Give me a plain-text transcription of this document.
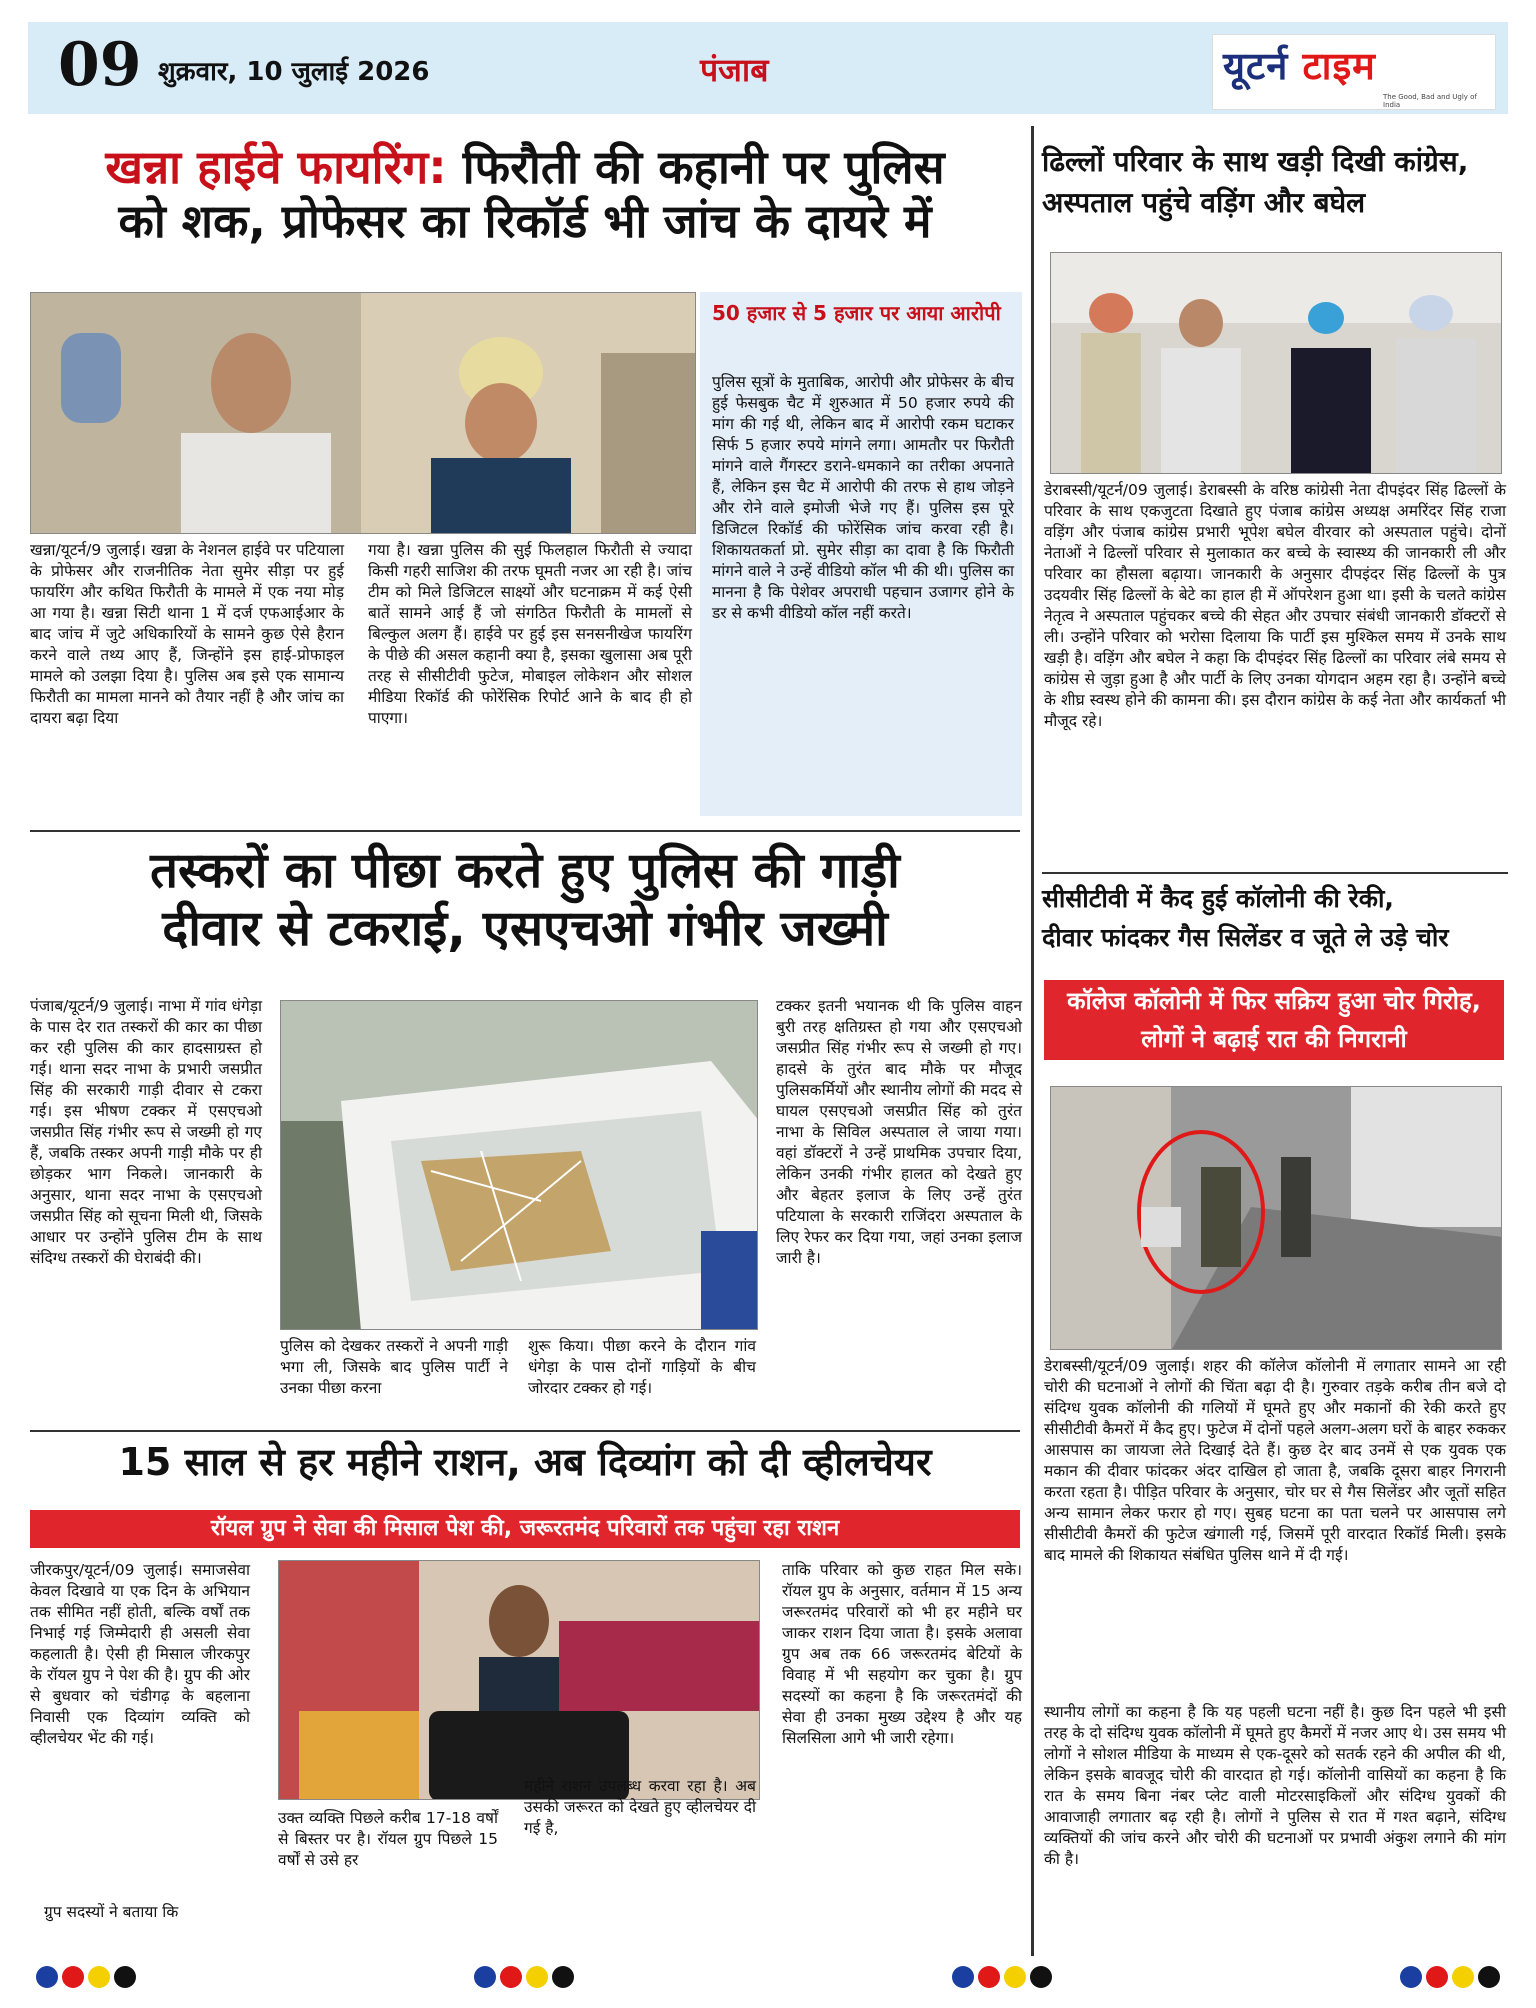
09 शुक्रवार, 10 जुलाई 2026	पंजाब	यूटर्न टाइम
The Good, Bad and Ugly of India
खन्ना हाईवे फायरिंग: फिरौती की कहानी पर पुलिस
को शक, प्रोफेसर का रिकॉर्ड भी जांच के दायरे में
खन्ना/यूटर्न/9 जुलाई। खन्ना के नेशनल हाईवे पर पटियाला के प्रोफेसर और राजनीतिक नेता सुमेर सीड़ा पर हुई फायरिंग और कथित फिरौती के मामले में एक नया मोड़ आ गया है। खन्ना सिटी थाना 1 में दर्ज एफआईआर के बाद जांच में जुटे अधिकारियों के सामने कुछ ऐसे हैरान करने वाले तथ्य आए हैं, जिन्होंने इस हाई-प्रोफाइल मामले को उलझा दिया है। पुलिस अब इसे एक सामान्य फिरौती का मामला मानने को तैयार नहीं है और जांच का दायरा बढ़ा दिया
गया है। खन्ना पुलिस की सुई फिलहाल फिरौती से ज्यादा किसी गहरी साजिश की तरफ घूमती नजर आ रही है। जांच टीम को मिले डिजिटल साक्ष्यों और घटनाक्रम में कई ऐसी बातें सामने आई हैं जो संगठित फिरौती के मामलों से बिल्कुल अलग हैं। हाईवे पर हुई इस सनसनीखेज फायरिंग के पीछे की असल कहानी क्या है, इसका खुलासा अब पूरी तरह से सीसीटीवी फुटेज, मोबाइल लोकेशन और सोशल मीडिया रिकॉर्ड की फोरेंसिक रिपोर्ट आने के बाद ही हो पाएगा।
50 हजार से 5 हजार पर आया आरोपी
पुलिस सूत्रों के मुताबिक, आरोपी और प्रोफेसर के बीच हुई फेसबुक चैट में शुरुआत में 50 हजार रुपये की मांग की गई थी, लेकिन बाद में आरोपी रकम घटाकर सिर्फ 5 हजार रुपये मांगने लगा। आमतौर पर फिरौती मांगने वाले गैंगस्टर डराने-धमकाने का तरीका अपनाते हैं, लेकिन इस चैट में आरोपी की तरफ से हाथ जोड़ने और रोने वाले इमोजी भेजे गए हैं। पुलिस इस पूरे डिजिटल रिकॉर्ड की फोरेंसिक जांच करवा रही है। शिकायतकर्ता प्रो. सुमेर सीड़ा का दावा है कि फिरौती मांगने वाले ने उन्हें वीडियो कॉल भी की थी। पुलिस का मानना है कि पेशेवर अपराधी पहचान उजागर होने के डर से कभी वीडियो कॉल नहीं करते।
तस्करों का पीछा करते हुए पुलिस की गाड़ी
दीवार से टकराई, एसएचओ गंभीर जख्मी
पंजाब/यूटर्न/9 जुलाई। नाभा में गांव धंगेड़ा के पास देर रात तस्करों की कार का पीछा कर रही पुलिस की कार हादसाग्रस्त हो गई। थाना सदर नाभा के प्रभारी जसप्रीत सिंह की सरकारी गाड़ी दीवार से टकरा गई। इस भीषण टक्कर में एसएचओ जसप्रीत सिंह गंभीर रूप से जख्मी हो गए हैं, जबकि तस्कर अपनी गाड़ी मौके पर ही छोड़कर भाग निकले। जानकारी के अनुसार, थाना सदर नाभा के एसएचओ जसप्रीत सिंह को सूचना मिली थी, जिसके आधार पर उन्होंने पुलिस टीम के साथ संदिग्ध तस्करों की घेराबंदी की।
पुलिस को देखकर तस्करों ने अपनी गाड़ी भगा ली, जिसके बाद पुलिस पार्टी ने उनका पीछा करना
शुरू किया। पीछा करने के दौरान गांव धंगेड़ा के पास दोनों गाड़ियों के बीच जोरदार टक्कर हो गई।
टक्कर इतनी भयानक थी कि पुलिस वाहन बुरी तरह क्षतिग्रस्त हो गया और एसएचओ जसप्रीत सिंह गंभीर रूप से जख्मी हो गए। हादसे के तुरंत बाद मौके पर मौजूद पुलिसकर्मियों और स्थानीय लोगों की मदद से घायल एसएचओ जसप्रीत सिंह को तुरंत नाभा के सिविल अस्पताल ले जाया गया। वहां डॉक्टरों ने उन्हें प्राथमिक उपचार दिया, लेकिन उनकी गंभीर हालत को देखते हुए और बेहतर इलाज के लिए उन्हें तुरंत पटियाला के सरकारी राजिंदरा अस्पताल के लिए रेफर कर दिया गया, जहां उनका इलाज जारी है।
15 साल से हर महीने राशन, अब दिव्यांग को दी व्हीलचेयर
रॉयल ग्रुप ने सेवा की मिसाल पेश की, जरूरतमंद परिवारों तक पहुंचा रहा राशन
जीरकपुर/यूटर्न/09 जुलाई। समाजसेवा केवल दिखावे या एक दिन के अभियान तक सीमित नहीं होती, बल्कि वर्षों तक निभाई गई जिम्मेदारी ही असली सेवा कहलाती है। ऐसी ही मिसाल जीरकपुर के रॉयल ग्रुप ने पेश की है। ग्रुप की ओर से बुधवार को चंडीगढ़ के बहलाना निवासी एक दिव्यांग व्यक्ति को व्हीलचेयर भेंट की गई।
ग्रुप सदस्यों ने बताया कि
उक्त व्यक्ति पिछले करीब 17-18 वर्षों से बिस्तर पर है। रॉयल ग्रुप पिछले 15 वर्षों से उसे हर
महीने राशन उपलब्ध करवा रहा है। अब उसकी जरूरत को देखते हुए व्हीलचेयर दी गई है,
ताकि परिवार को कुछ राहत मिल सके। रॉयल ग्रुप के अनुसार, वर्तमान में 15 अन्य जरूरतमंद परिवारों को भी हर महीने घर जाकर राशन दिया जाता है। इसके अलावा ग्रुप अब तक 66 जरूरतमंद बेटियों के विवाह में भी सहयोग कर चुका है। ग्रुप सदस्यों का कहना है कि जरूरतमंदों की सेवा ही उनका मुख्य उद्देश्य है और यह सिलसिला आगे भी जारी रहेगा।
ढिल्लों परिवार के साथ खड़ी दिखी कांग्रेस,
अस्पताल पहुंचे वड़िंग और बघेल
डेराबस्सी/यूटर्न/09 जुलाई। डेराबस्सी के वरिष्ठ कांग्रेसी नेता दीपइंदर सिंह ढिल्लों के परिवार के साथ एकजुटता दिखाते हुए पंजाब कांग्रेस अध्यक्ष अमरिंदर सिंह राजा वड़िंग और पंजाब कांग्रेस प्रभारी भूपेश बघेल वीरवार को अस्पताल पहुंचे। दोनों नेताओं ने ढिल्लों परिवार से मुलाकात कर बच्चे के स्वास्थ्य की जानकारी ली और परिवार का हौसला बढ़ाया। जानकारी के अनुसार दीपइंदर सिंह ढिल्लों के पुत्र उदयवीर सिंह ढिल्लों के बेटे का हाल ही में ऑपरेशन हुआ था। इसी के चलते कांग्रेस नेतृत्व ने अस्पताल पहुंचकर बच्चे की सेहत और उपचार संबंधी जानकारी डॉक्टरों से ली। उन्होंने परिवार को भरोसा दिलाया कि पार्टी इस मुश्किल समय में उनके साथ खड़ी है। वड़िंग और बघेल ने कहा कि दीपइंदर सिंह ढिल्लों का परिवार लंबे समय से कांग्रेस से जुड़ा हुआ है और पार्टी के लिए उनका योगदान अहम रहा है। उन्होंने बच्चे के शीघ्र स्वस्थ होने की कामना की। इस दौरान कांग्रेस के कई नेता और कार्यकर्ता भी मौजूद रहे।
सीसीटीवी में कैद हुई कॉलोनी की रेकी,
दीवार फांदकर गैस सिलेंडर व जूते ले उड़े चोर
कॉलेज कॉलोनी में फिर सक्रिय हुआ चोर गिरोह, लोगों ने बढ़ाई रात की निगरानी
डेराबस्सी/यूटर्न/09 जुलाई। शहर की कॉलेज कॉलोनी में लगातार सामने आ रही चोरी की घटनाओं ने लोगों की चिंता बढ़ा दी है। गुरुवार तड़के करीब तीन बजे दो संदिग्ध युवक कॉलोनी की गलियों में घूमते हुए और मकानों की रेकी करते हुए सीसीटीवी कैमरों में कैद हुए। फुटेज में दोनों पहले अलग-अलग घरों के बाहर रुककर आसपास का जायजा लेते दिखाई देते हैं। कुछ देर बाद उनमें से एक युवक एक मकान की दीवार फांदकर अंदर दाखिल हो जाता है, जबकि दूसरा बाहर निगरानी करता रहता है। पीड़ित परिवार के अनुसार, चोर घर से गैस सिलेंडर और जूतों सहित अन्य सामान लेकर फरार हो गए। सुबह घटना का पता चलने पर आसपास लगे सीसीटीवी कैमरों की फुटेज खंगाली गई, जिसमें पूरी वारदात रिकॉर्ड मिली। इसके बाद मामले की शिकायत संबंधित पुलिस थाने में दी गई।
स्थानीय लोगों का कहना है कि यह पहली घटना नहीं है। कुछ दिन पहले भी इसी तरह के दो संदिग्ध युवक कॉलोनी में घूमते हुए कैमरों में नजर आए थे। उस समय भी लोगों ने सोशल मीडिया के माध्यम से एक-दूसरे को सतर्क रहने की अपील की थी, लेकिन इसके बावजूद चोरी की वारदात हो गई। कॉलोनी वासियों का कहना है कि रात के समय बिना नंबर प्लेट वाली मोटरसाइकिलों और संदिग्ध युवकों की आवाजाही लगातार बढ़ रही है। लोगों ने पुलिस से रात में गश्त बढ़ाने, संदिग्ध व्यक्तियों की जांच करने और चोरी की घटनाओं पर प्रभावी अंकुश लगाने की मांग की है।
